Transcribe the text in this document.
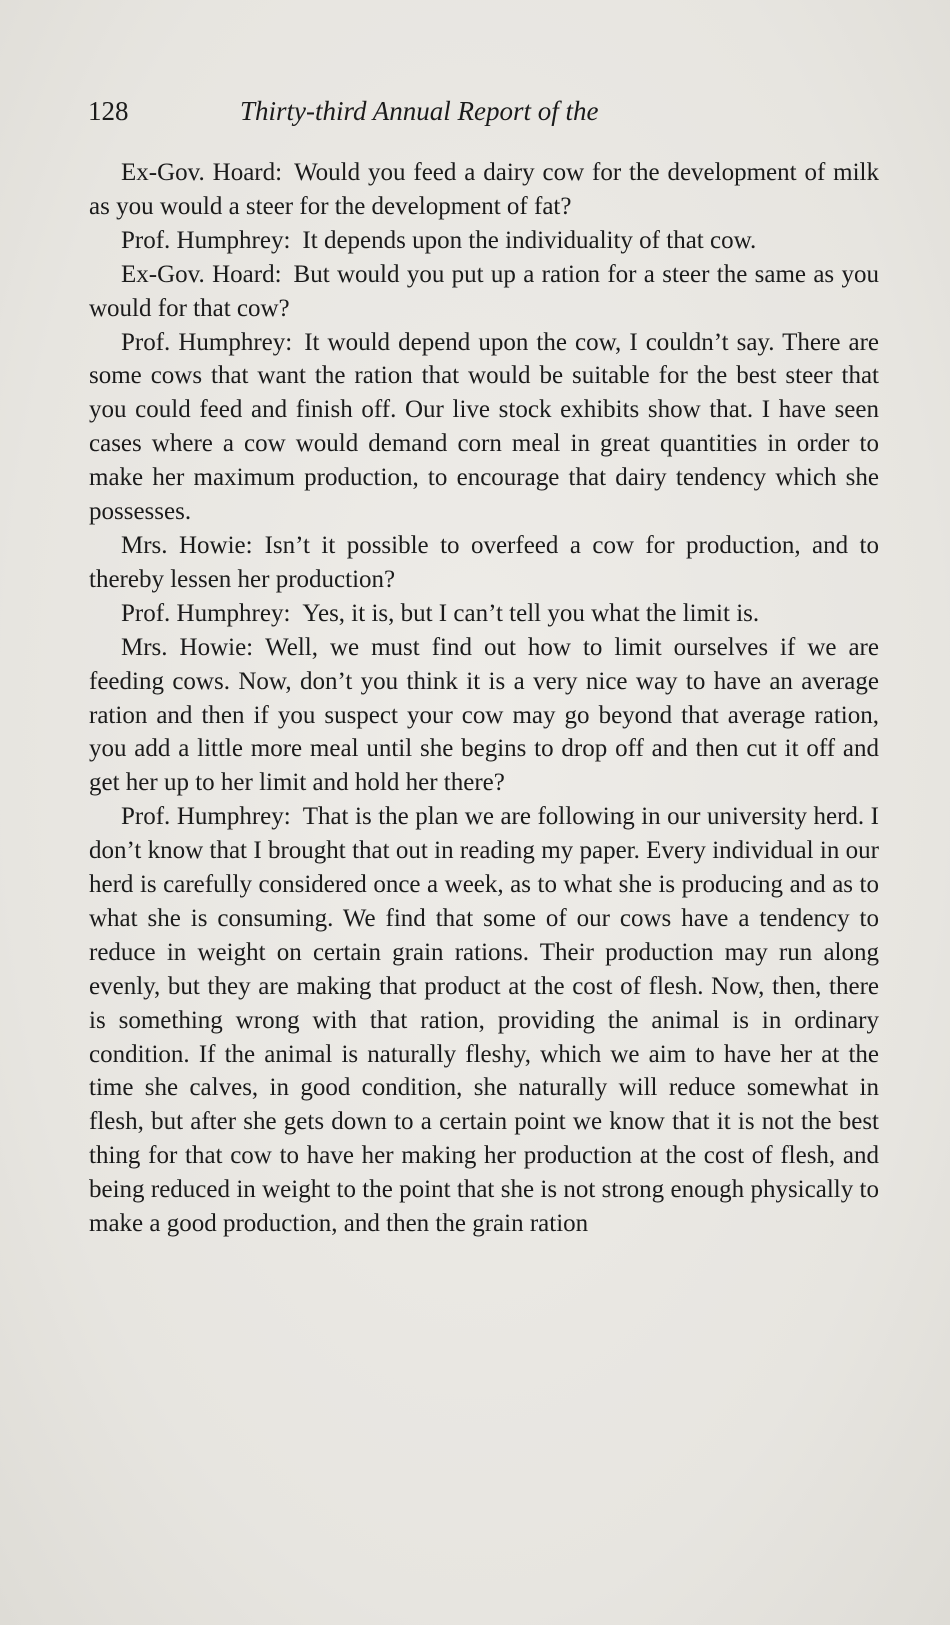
128	Thirty-third Annual Report of the

Ex-Gov. Hoard: Would you feed a dairy cow for the development of milk as you would a steer for the development of fat?

Prof. Humphrey: It depends upon the individuality of that cow.

Ex-Gov. Hoard: But would you put up a ration for a steer the same as you would for that cow?

Prof. Humphrey: It would depend upon the cow, I couldn’t say. There are some cows that want the ration that would be suitable for the best steer that you could feed and finish off. Our live stock exhibits show that. I have seen cases where a cow would demand corn meal in great quantities in order to make her maximum production, to encourage that dairy tendency which she possesses.

Mrs. Howie: Isn’t it possible to overfeed a cow for production, and to thereby lessen her production?

Prof. Humphrey: Yes, it is, but I can’t tell you what the limit is.

Mrs. Howie: Well, we must find out how to limit ourselves if we are feeding cows. Now, don’t you think it is a very nice way to have an average ration and then if you suspect your cow may go beyond that average ration, you add a little more meal until she begins to drop off and then cut it off and get her up to her limit and hold her there?

Prof. Humphrey: That is the plan we are following in our university herd. I don’t know that I brought that out in reading my paper. Every individual in our herd is carefully considered once a week, as to what she is producing and as to what she is consuming. We find that some of our cows have a tendency to reduce in weight on certain grain rations. Their production may run along evenly, but they are making that product at the cost of flesh. Now, then, there is something wrong with that ration, providing the animal is in ordinary condition. If the animal is naturally fleshy, which we aim to have her at the time she calves, in good condition, she naturally will reduce somewhat in flesh, but after she gets down to a certain point we know that it is not the best thing for that cow to have her making her production at the cost of flesh, and being reduced in weight to the point that she is not strong enough physically to make a good production, and then the grain ration
